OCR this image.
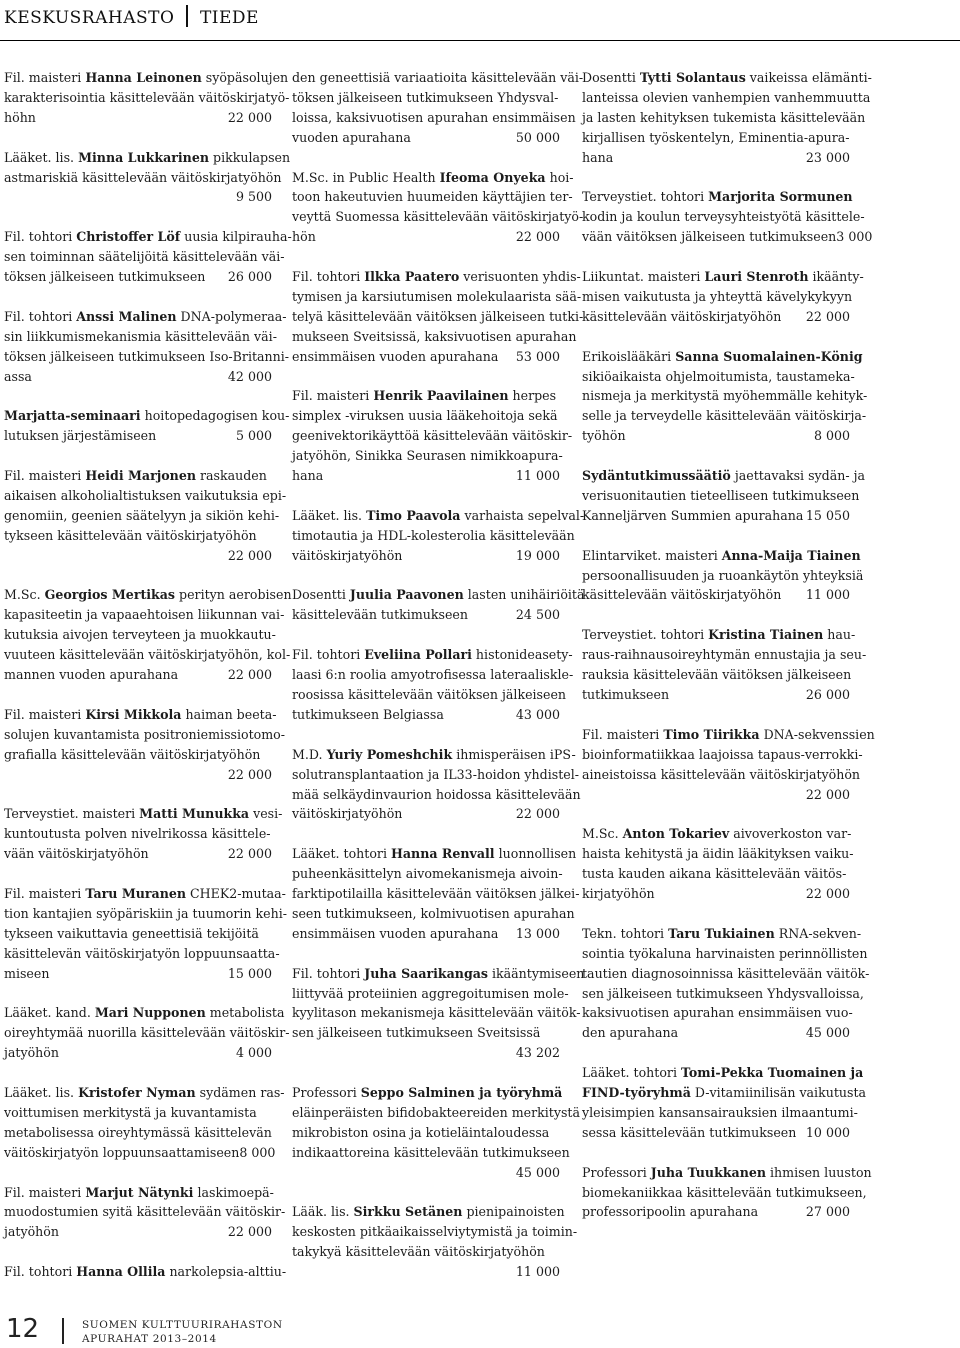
KESKUSRAHASTO TIEDE
Fil. maisteri Hanna Leinonen syöpäsolujen
karakterisointia käsittelevään väitöskirjatyö-
höhn	22 000
Lääket. lis. Minna Lukkarinen pikkulapsen
astmariskiä käsittelevään väitöskirjatyöhön
9 500
Fil. tohtori Christoffer Löf uusia kilpirauha-
sen toiminnan säätelijöitä käsittelevään väi-
töksen jälkeiseen tutkimukseen 26 000
Fil. tohtori Anssi Malinen DNA-polymeraa-
sin liikkumismekanismia käsittelevään väi-
töksen jälkeiseen tutkimukseen Iso-Britanni-
assa	42 000
Marjatta-seminaari hoitopedagogisen kou-
lutuksen järjestämiseen	5 000
Fil. maisteri Heidi Marjonen raskauden
aikaisen alkoholialtistuksen vaikutuksia epi-
genomiin, geenien säätelyyn ja sikiön kehi-
tykseen käsittelevään väitöskirjatyöhön
22 000
M.Sc. Georgios Mertikas perityn aerobisen
kapasiteetin ja vapaaehtoisen liikunnan vai-
kutuksia aivojen terveyteen ja muokkautu-
vuuteen käsittelevään väitöskirjatyöhön, kol-
mannen vuoden apurahana	22 000
Fil. maisteri Kirsi Mikkola haiman beeta-
solujen kuvantamista positroniemissiotomo-
grafialla käsittelevään väitöskirjatyöhön
22 000
Terveystiet. maisteri Matti Munukka vesi-
kuntoutusta polven nivelrikossa käsittele-
vään väitöskirjatyöhön	22 000
Fil. maisteri Taru Muranen CHEK2-mutaa-
tion kantajien syöpäriskiin ja tuumorin kehi-
tykseen vaikuttavia geneettisiä tekijöitä
käsittelevän väitöskirjatyön loppuunsaatta-
miseen	15 000
Lääket. kand. Mari Nupponen metabolista
oireyhtymää nuorilla käsittelevään väitöskir-
jatyöhön	4 000
Lääket. lis. Kristofer Nyman sydämen ras-
voittumisen merkitystä ja kuvantamista
metabolisessa oireyhtymässä käsittelevän
väitöskirjatyön loppuunsaattamiseen 8 000
Fil. maisteri Marjut Nätynki laskimoepä-
muodostumien syitä käsittelevään väitöskir-
jatyöhön	22 000
Fil. tohtori Hanna Ollila narkolepsia-alttiu-
den geneettisiä variaatioita käsittelevään väi-
töksen jälkeiseen tutkimukseen Yhdysval-
loissa, kaksivuotisen apurahan ensimmäisen
vuoden apurahana	50 000
M.Sc. in Public Health Ifeoma Onyeka hoi-
toon hakeutuvien huumeiden käyttäjien ter-
veyttä Suomessa käsittelevään väitöskirjatyö-
hön	22 000
Fil. tohtori Ilkka Paatero verisuonten yhdis-
tymisen ja karsiutumisen molekulaarista sää-
telyä käsittelevään väitöksen jälkeiseen tutki-
mukseen Sveitsissä, kaksivuotisen apurahan
ensimmäisen vuoden apurahana 53 000
Fil. maisteri Henrik Paavilainen herpes
simplex -viruksen uusia lääkehoitoja sekä
geenivektorikäyttöä käsittelevään väitöskir-
jatyöhön, Sinikka Seurasen nimikkoapura-
hana	11 000
Lääket. lis. Timo Paavola varhaista sepelval-
timotautia ja HDL-kolesterolia käsittelevään
väitöskirjatyöhön	19 000
Dosentti Juulia Paavonen lasten unihäiriöitä
käsittelevään tutkimukseen	24 500
Fil. tohtori Eveliina Pollari histonideasety-
laasi 6:n roolia amyotrofisessa lateraaliskle-
roosissa käsittelevään väitöksen jälkeiseen
tutkimukseen Belgiassa	43 000
M.D. Yuriy Pomeshchik ihmisperäisen iPS-
solutransplantaation ja IL33-hoidon yhdistel-
mää selkäydinvaurion hoidossa käsittelevään
väitöskirjatyöhön	22 000
Lääket. tohtori Hanna Renvall luonnollisen
puheenkäsittelyn aivomekanismeja aivoin-
farktipotilailla käsittelevään väitöksen jälkei-
seen tutkimukseen, kolmivuotisen apurahan
ensimmäisen vuoden apurahana 13 000
Fil. tohtori Juha Saarikangas ikääntymiseen
liittyvää proteiinien aggregoitumisen mole-
kyylitason mekanismeja käsittelevään väitök-
sen jälkeiseen tutkimukseen Sveitsissä
43 202
Professori Seppo Salminen ja työryhmä
eläinperäisten bifidobakteereiden merkitystä
mikrobiston osina ja kotieläintaloudessa
indikaattoreina käsittelevään tutkimukseen
45 000
Lääk. lis. Sirkku Setänen pienipainoisten
keskosten pitkäaikaisselviytymistä ja toimin-
takykyä käsittelevään väitöskirjatyöhön
11 000
Dosentti Tytti Solantaus vaikeissa elämänti-
lanteissa olevien vanhempien vanhemmuutta
ja lasten kehityksen tukemista käsittelevään
kirjallisen työskentelyn, Eminentia-apura-
hana	23 000
Terveystiet. tohtori Marjorita Sormunen
kodin ja koulun terveysyhteistyötä käsittele-
vään väitöksen jälkeiseen tutkimukseen 3 000
Liikuntat. maisteri Lauri Stenroth ikäänty-
misen vaikutusta ja yhteyttä kävelykykyyn
käsittelevään väitöskirjatyöhön 22 000
Erikoislääkäri Sanna Suomalainen-König
sikiöaikaista ohjelmoitumista, taustameka-
nismeja ja merkitystä myöhemmälle kehityk-
selle ja terveydelle käsittelevään väitöskirja-
työhön	8 000
Sydäntutkimussäätiö jaettavaksi sydän- ja
verisuonitautien tieteelliseen tutkimukseen
Kanneljärven Summien apurahana 15 050
Elintarviket. maisteri Anna-Maija Tiainen
persoonallisuuden ja ruoankäytön yhteyksiä
käsittelevään väitöskirjatyöhön 11 000
Terveystiet. tohtori Kristina Tiainen hau-
raus-raihnausoireyhtymän ennustajia ja seu-
rauksia käsittelevään väitöksen jälkeiseen
tutkimukseen	26 000
Fil. maisteri Timo Tiirikka DNA-sekvenssien
bioinformatiikkaa laajoissa tapaus-verrokki-
aineistoissa käsittelevään väitöskirjatyöhön
22 000
M.Sc. Anton Tokariev aivoverkoston var-
haista kehitystä ja äidin lääkityksen vaiku-
tusta kauden aikana käsittelevään väitös-
kirjatyöhön	22 000
Tekn. tohtori Taru Tukiainen RNA-sekven-
sointia työkaluna harvinaisten perinnöllisten
tautien diagnosoinnissa käsittelevään väitök-
sen jälkeiseen tutkimukseen Yhdysvalloissa,
kaksivuotisen apurahan ensimmäisen vuo-
den apurahana	45 000
Lääket. tohtori Tomi-Pekka Tuomainen ja
FIND-työryhmä D-vitamiinilisän vaikutusta
yleisimpien kansansairauksien ilmaantumi-
sessa käsittelevään tutkimukseen 10 000
Professori Juha Tuukkanen ihmisen luuston
biomekaniikkaa käsittelevään tutkimukseen,
professoripoolin apurahana	27 000
12	SUOMEN KULTTUURIRAHASTON
APURAHAT 2013–2014
